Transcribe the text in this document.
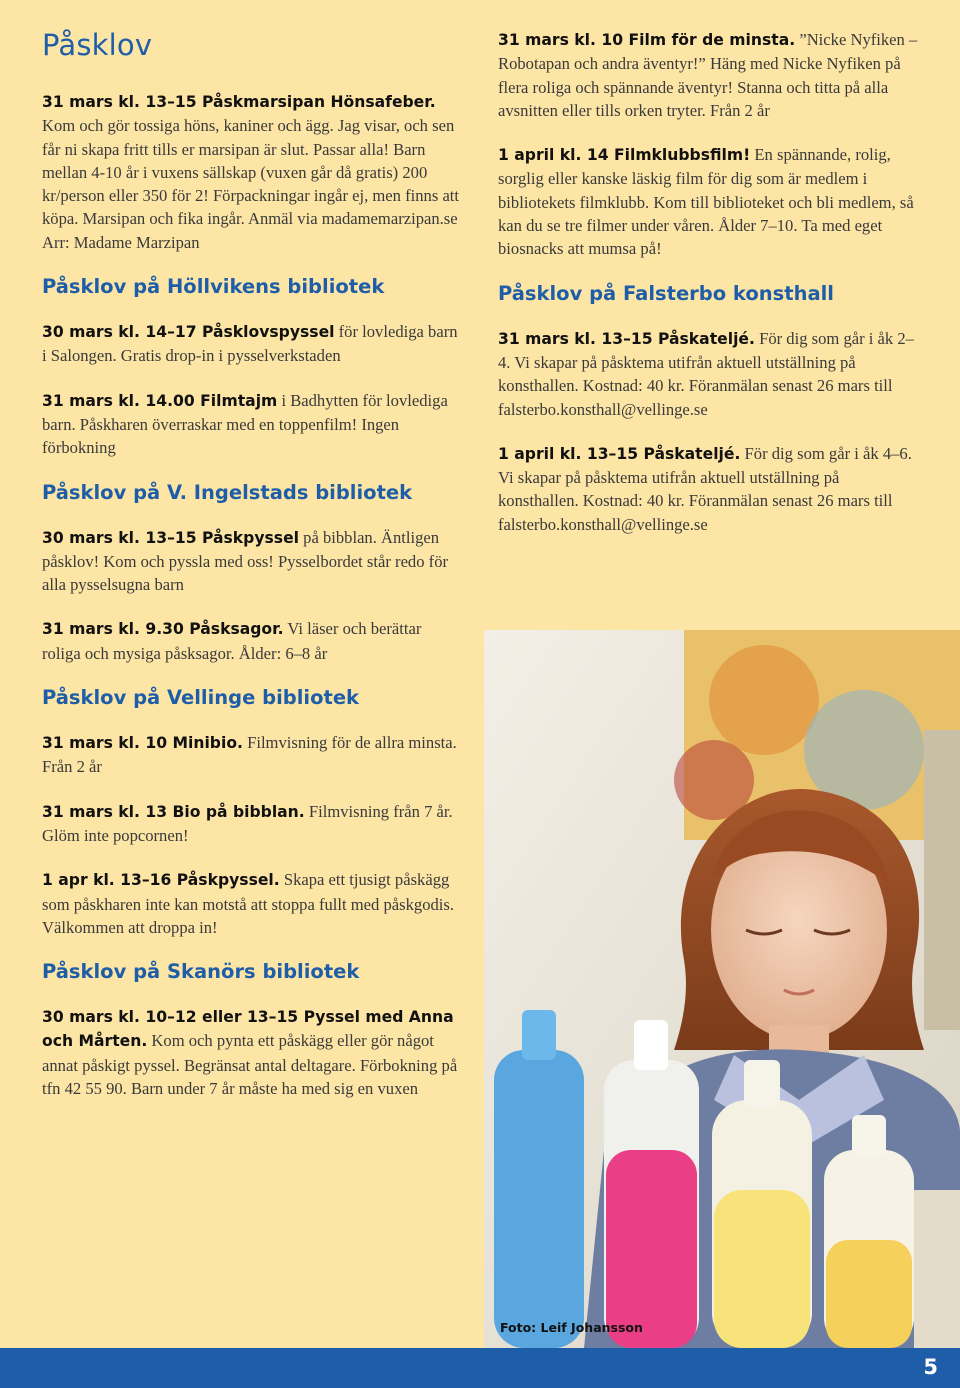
Påsklov
31 mars kl. 13–15 Påskmarsipan Hönsafeber. Kom och gör tossiga höns, kaniner och ägg. Jag visar, och sen får ni skapa fritt tills er marsipan är slut. Passar alla! Barn mellan 4-10 år i vuxens sällskap (vuxen går då gratis) 200 kr/person eller 350 för 2! Förpackningar ingår ej, men finns att köpa. Marsipan och fika ingår. Anmäl via madamemarzipan.se Arr: Madame Marzipan
Påsklov på Höllvikens bibliotek
30 mars kl. 14–17 Påsklovspyssel för lovlediga barn i Salongen. Gratis drop-in i pysselverkstaden
31 mars kl. 14.00 Filmtajm i Badhytten för lovlediga barn. Påskharen överraskar med en toppenfilm! Ingen förbokning
Påsklov på V. Ingelstads bibliotek
30 mars kl. 13–15 Påskpyssel på bibblan. Äntligen påsklov! Kom och pyssla med oss! Pysselbordet står redo för alla pysselsugna barn
31 mars kl. 9.30 Påsksagor. Vi läser och berättar roliga och mysiga påsksagor. Ålder: 6–8 år
Påsklov på Vellinge bibliotek
31 mars kl. 10 Minibio. Filmvisning för de allra minsta. Från 2 år
31 mars kl. 13 Bio på bibblan. Filmvisning från 7 år. Glöm inte popcornen!
1 apr kl. 13–16 Påskpyssel. Skapa ett tjusigt påskägg som påskharen inte kan motstå att stoppa fullt med påskgodis. Välkommen att droppa in!
Påsklov på Skanörs bibliotek
30 mars kl. 10–12 eller 13–15 Pyssel med Anna och Mårten. Kom och pynta ett påskägg eller gör något annat påskigt pyssel. Begränsat antal deltagare. Förbokning på tfn 42 55 90. Barn under 7 år måste ha med sig en vuxen
31 mars kl. 10 Film för de minsta. ”Nicke Nyfiken – Robotapan och andra äventyr!” Häng med Nicke Nyfiken på flera roliga och spännande äventyr! Stanna och titta på alla avsnitten eller tills orken tryter. Från 2 år
1 april kl. 14 Filmklubbsfilm! En spännande, rolig, sorglig eller kanske läskig film för dig som är medlem i bibliotekets filmklubb. Kom till biblioteket och bli medlem, så kan du se tre filmer under våren. Ålder 7–10. Ta med eget biosnacks att mumsa på!
Påsklov på Falsterbo konsthall
31 mars kl. 13–15 Påskateljé. För dig som går i åk 2–4. Vi skapar på påsktema utifrån aktuell utställning på konsthallen. Kostnad: 40 kr. Föranmälan senast 26 mars till falsterbo.konsthall@vellinge.se
1 april kl. 13–15 Påskateljé. För dig som går i åk 4–6. Vi skapar på påsktema utifrån aktuell utställning på konsthallen. Kostnad: 40 kr. Föranmälan senast 26 mars till falsterbo.konsthall@vellinge.se
Foto: Leif Johansson
5
